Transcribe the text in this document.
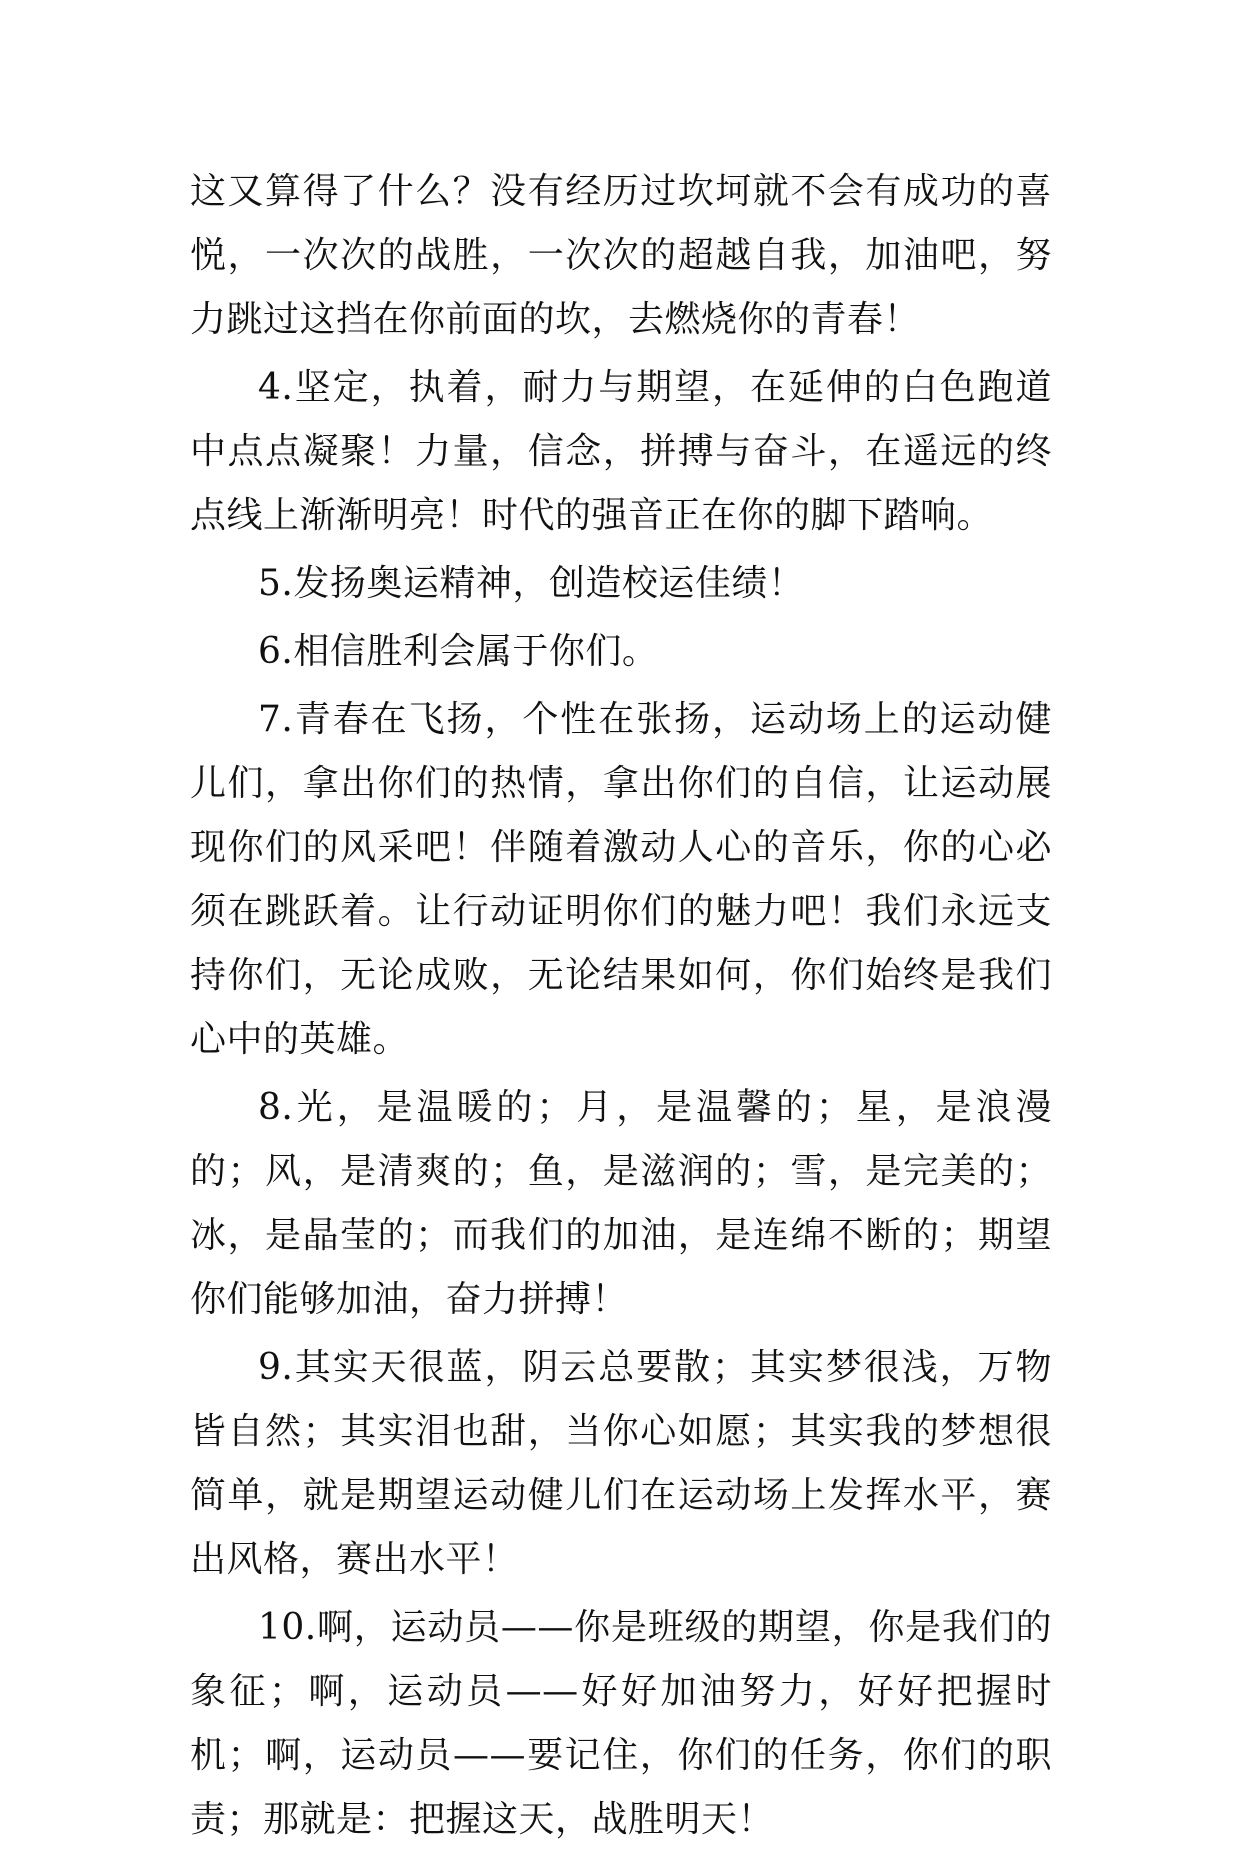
这又算得了什么？没有经历过坎坷就不会有成功的喜悦，一次次的战胜，一次次的超越自我，加油吧，努力跳过这挡在你前面的坎，去燃烧你的青春！

4.坚定，执着，耐力与期望，在延伸的白色跑道中点点凝聚！力量，信念，拼搏与奋斗，在遥远的终点线上渐渐明亮！时代的强音正在你的脚下踏响。

5.发扬奥运精神，创造校运佳绩！

6.相信胜利会属于你们。

7.青春在飞扬，个性在张扬，运动场上的运动健儿们，拿出你们的热情，拿出你们的自信，让运动展现你们的风采吧！伴随着激动人心的音乐，你的心必须在跳跃着。让行动证明你们的魅力吧！我们永远支持你们，无论成败，无论结果如何，你们始终是我们心中的英雄。

8.光，是温暖的；月，是温馨的；星，是浪漫的；风，是清爽的；鱼，是滋润的；雪，是完美的；冰，是晶莹的；而我们的加油，是连绵不断的；期望你们能够加油，奋力拼搏！

9.其实天很蓝，阴云总要散；其实梦很浅，万物皆自然；其实泪也甜，当你心如愿；其实我的梦想很简单，就是期望运动健儿们在运动场上发挥水平，赛出风格，赛出水平！

10.啊，运动员——你是班级的期望，你是我们的象征；啊，运动员——好好加油努力，好好把握时机；啊，运动员——要记住，你们的任务，你们的职责；那就是：把握这天，战胜明天！
